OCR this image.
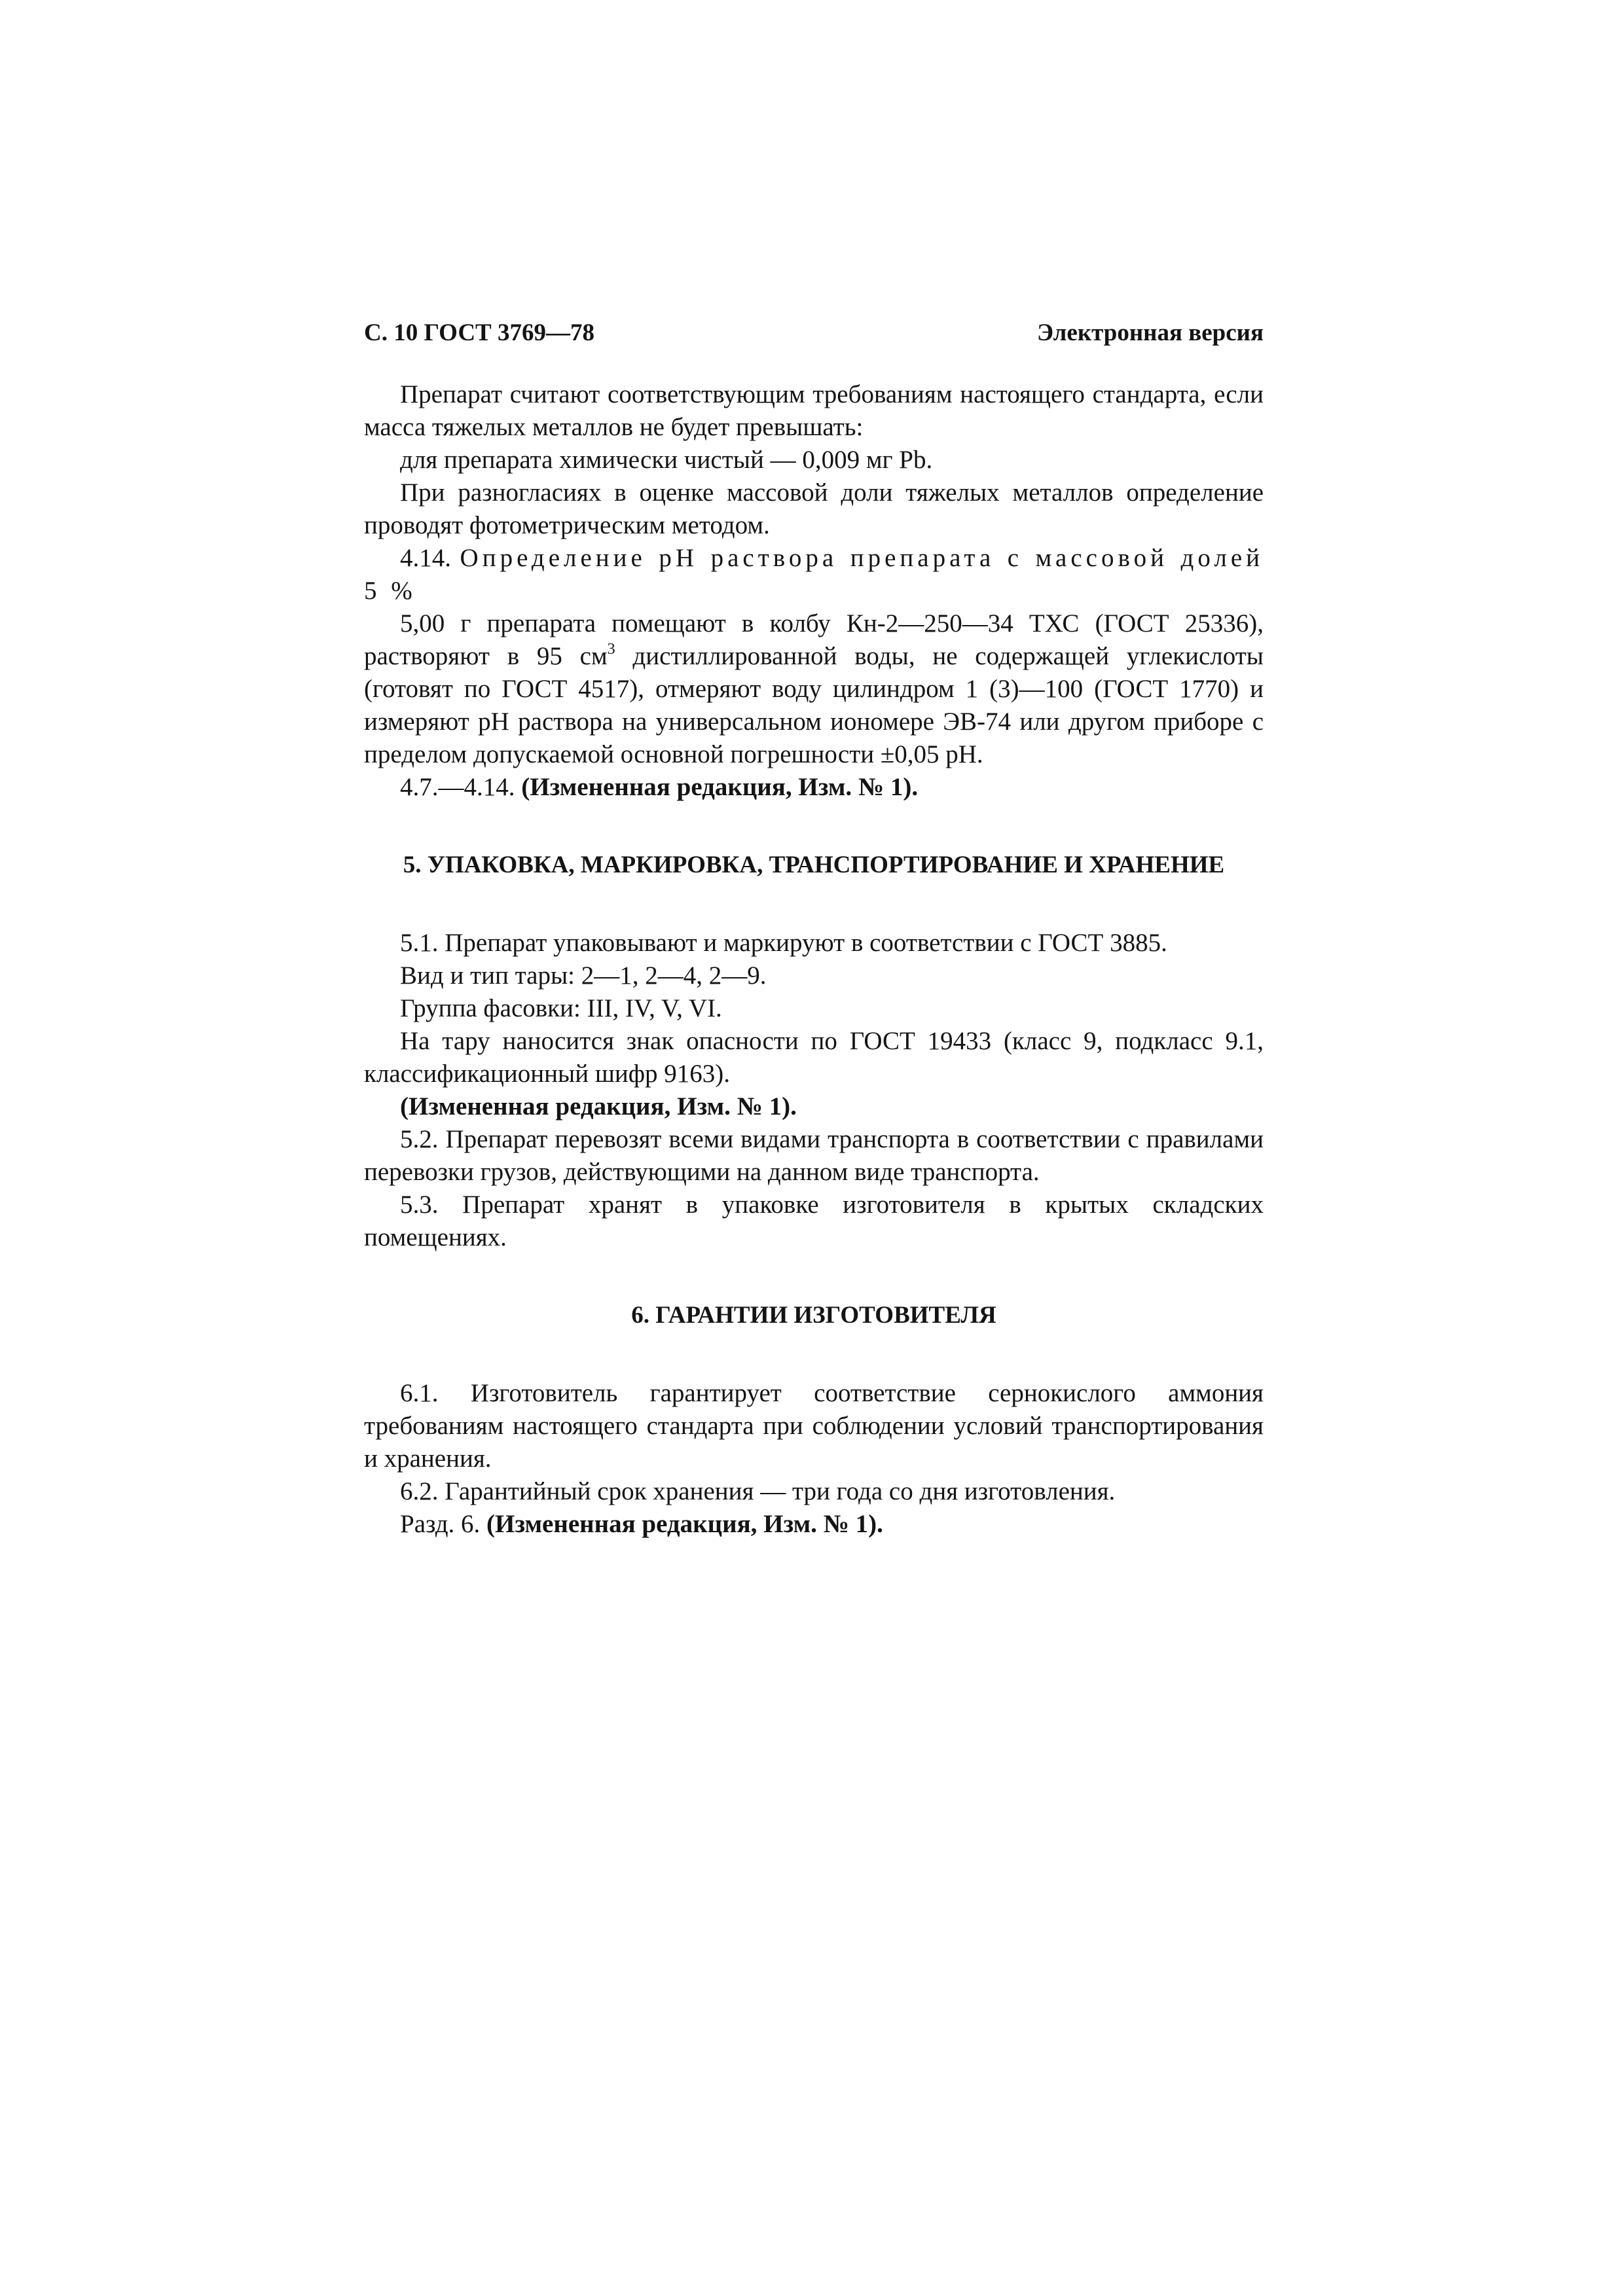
С. 10 ГОСТ 3769—78	Электронная версия

Препарат считают соответствующим требованиям настоящего стандарта, если масса тяжелых металлов не будет превышать:

для препарата химически чистый — 0,009 мг Pb.

При разногласиях в оценке массовой доли тяжелых металлов определение проводят фотометрическим методом.

4.14. Определение рН раствора препарата с массовой долей 5 %

5,00 г препарата помещают в колбу Кн-2—250—34 ТХС (ГОСТ 25336), растворяют в 95 $см^3$ дистиллированной воды, не содержащей углекислоты (готовят по ГОСТ 4517), отмеряют воду цилиндром 1 (3)—100 (ГОСТ 1770) и измеряют рН раствора на универсальном иономере ЭВ-74 или другом приборе с пределом допускаемой основной погрешности ±0,05 рН.

4.7.—4.14. (Измененная редакция, Изм. № 1).

5. УПАКОВКА, МАРКИРОВКА, ТРАНСПОРТИРОВАНИЕ И ХРАНЕНИЕ

5.1. Препарат упаковывают и маркируют в соответствии с ГОСТ 3885.

Вид и тип тары: 2—1, 2—4, 2—9.

Группа фасовки: III, IV, V, VI.

На тару наносится знак опасности по ГОСТ 19433 (класс 9, подкласс 9.1, классификационный шифр 9163).

(Измененная редакция, Изм. № 1).

5.2. Препарат перевозят всеми видами транспорта в соответствии с правилами перевозки грузов, действующими на данном виде транспорта.

5.3. Препарат хранят в упаковке изготовителя в крытых складских помещениях.

6. ГАРАНТИИ ИЗГОТОВИТЕЛЯ

6.1. Изготовитель гарантирует соответствие сернокислого аммония требованиям настоящего стандарта при соблюдении условий транспортирования и хранения.

6.2. Гарантийный срок хранения — три года со дня изготовления.

Разд. 6. (Измененная редакция, Изм. № 1).
